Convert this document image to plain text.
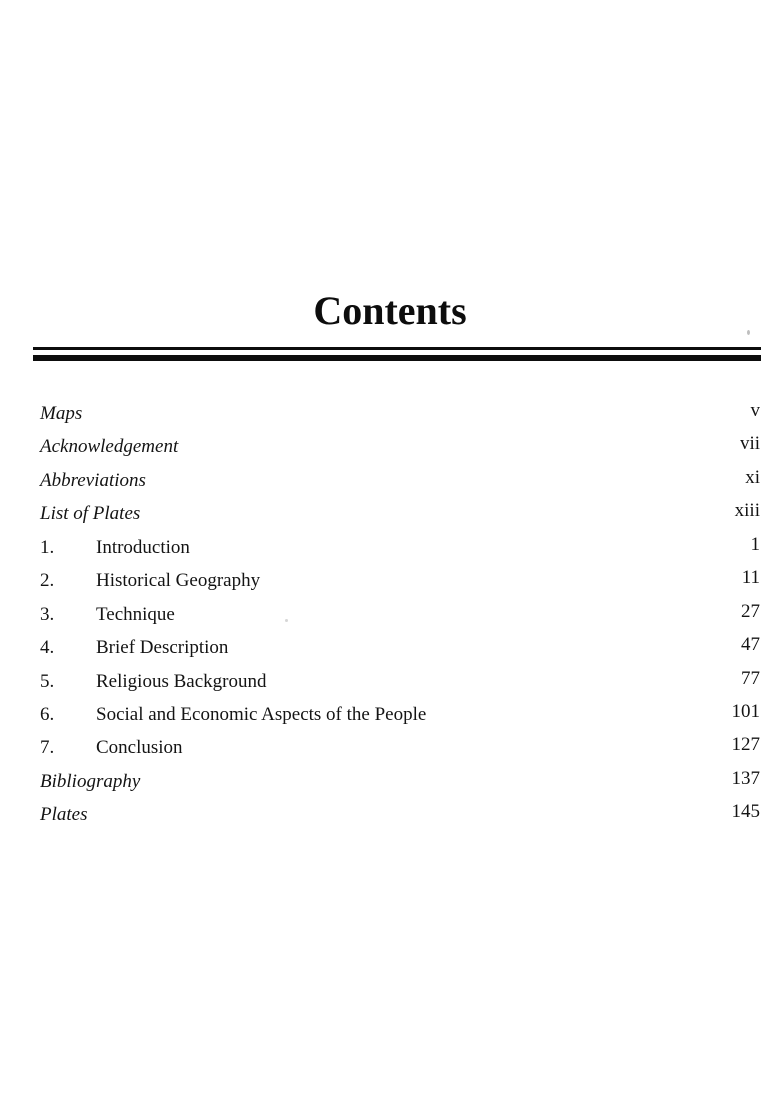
Contents
Maps	v
Acknowledgement	vii
Abbreviations	xi
List of Plates	xiii
1.	Introduction	1
2.	Historical Geography	11
3.	Technique	27
4.	Brief Description	47
5.	Religious Background	77
6.	Social and Economic Aspects of the People	101
7.	Conclusion	127
Bibliography	137
Plates	145
